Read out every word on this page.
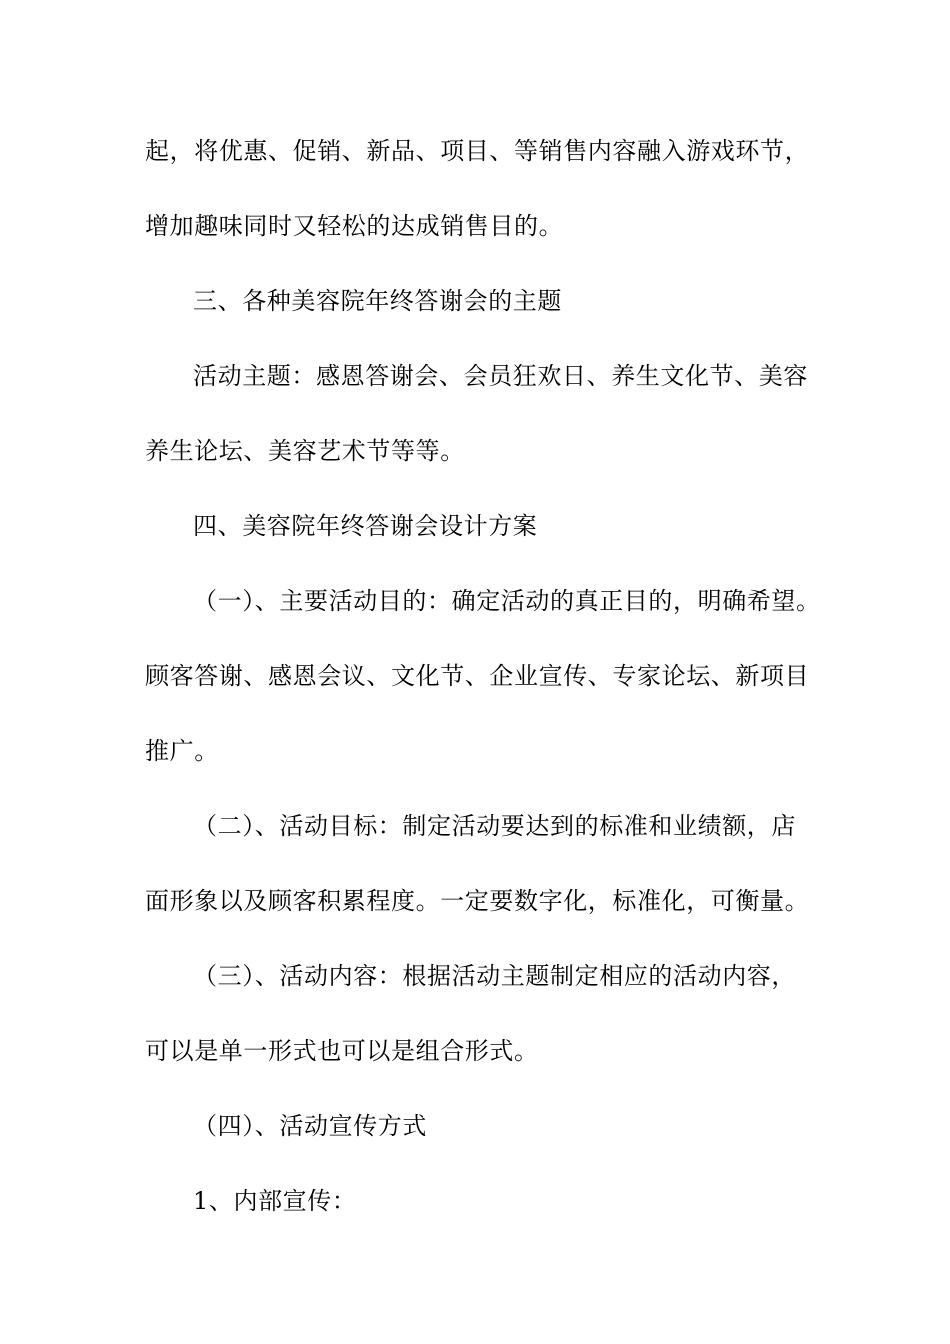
起，将优惠、促销、新品、项目、等销售内容融入游戏环节，
增加趣味同时又轻松的达成销售目的。
三、各种美容院年终答谢会的主题
活动主题：感恩答谢会、会员狂欢日、养生文化节、美容
养生论坛、美容艺术节等等。
四、美容院年终答谢会设计方案
（一）、主要活动目的：确定活动的真正目的，明确希望。
顾客答谢、感恩会议、文化节、企业宣传、专家论坛、新项目
推广。
（二）、活动目标：制定活动要达到的标准和业绩额，店
面形象以及顾客积累程度。一定要数字化，标准化，可衡量。
（三）、活动内容：根据活动主题制定相应的活动内容，
可以是单一形式也可以是组合形式。
（四）、活动宣传方式
1、内部宣传：
